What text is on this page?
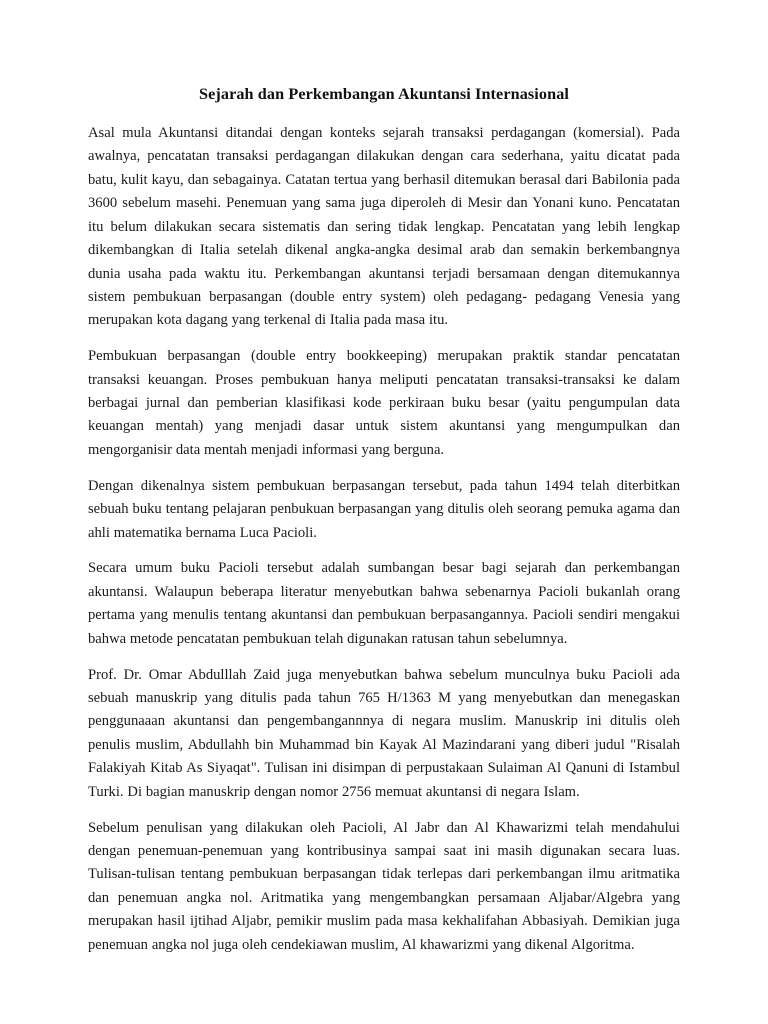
Sejarah dan Perkembangan Akuntansi Internasional

Asal mula Akuntansi ditandai dengan konteks sejarah transaksi perdagangan (komersial). Pada awalnya, pencatatan transaksi perdagangan dilakukan dengan cara sederhana, yaitu dicatat pada batu, kulit kayu, dan sebagainya. Catatan tertua yang berhasil ditemukan berasal dari Babilonia pada 3600 sebelum masehi. Penemuan yang sama juga diperoleh di Mesir dan Yonani kuno. Pencatatan itu belum dilakukan secara sistematis dan sering tidak lengkap. Pencatatan yang lebih lengkap dikembangkan di Italia setelah dikenal angka-angka desimal arab dan semakin berkembangnya dunia usaha pada waktu itu. Perkembangan akuntansi terjadi bersamaan dengan ditemukannya sistem pembukuan berpasangan (double entry system) oleh pedagang- pedagang Venesia yang merupakan kota dagang yang terkenal di Italia pada masa itu.

Pembukuan berpasangan (double entry bookkeeping) merupakan praktik standar pencatatan transaksi keuangan. Proses pembukuan hanya meliputi pencatatan transaksi-transaksi ke dalam berbagai jurnal dan pemberian klasifikasi kode perkiraan buku besar (yaitu pengumpulan data keuangan mentah) yang menjadi dasar untuk sistem akuntansi yang mengumpulkan dan mengorganisir data mentah menjadi informasi yang berguna.

Dengan dikenalnya sistem pembukuan berpasangan tersebut, pada tahun 1494 telah diterbitkan sebuah buku tentang pelajaran penbukuan berpasangan yang ditulis oleh seorang pemuka agama dan ahli matematika bernama Luca Pacioli.

Secara umum buku Pacioli tersebut adalah sumbangan besar bagi sejarah dan perkembangan akuntansi. Walaupun beberapa literatur menyebutkan bahwa sebenarnya Pacioli bukanlah orang pertama yang menulis tentang akuntansi dan pembukuan berpasangannya. Pacioli sendiri mengakui bahwa metode pencatatan pembukuan telah digunakan ratusan tahun sebelumnya.

Prof. Dr. Omar Abdulllah Zaid juga menyebutkan bahwa sebelum munculnya buku Pacioli ada sebuah manuskrip yang ditulis pada tahun 765 H/1363 M yang menyebutkan dan menegaskan penggunaaan akuntansi dan pengembangannnya di negara muslim. Manuskrip ini ditulis oleh penulis muslim, Abdullahh bin Muhammad bin Kayak Al Mazindarani yang diberi judul "Risalah Falakiyah Kitab As Siyaqat". Tulisan ini disimpan di perpustakaan Sulaiman Al Qanuni di Istambul Turki. Di bagian manuskrip dengan nomor 2756 memuat akuntansi di negara Islam.

Sebelum penulisan yang dilakukan oleh Pacioli, Al Jabr dan Al Khawarizmi telah mendahului dengan penemuan-penemuan yang kontribusinya sampai saat ini masih digunakan secara luas. Tulisan-tulisan tentang pembukuan berpasangan tidak terlepas dari perkembangan ilmu aritmatika dan penemuan angka nol. Aritmatika yang mengembangkan persamaan Aljabar/Algebra yang merupakan hasil ijtihad Aljabr, pemikir muslim pada masa kekhalifahan Abbasiyah. Demikian juga penemuan angka nol juga oleh cendekiawan muslim, Al khawarizmi yang dikenal Algoritma.
